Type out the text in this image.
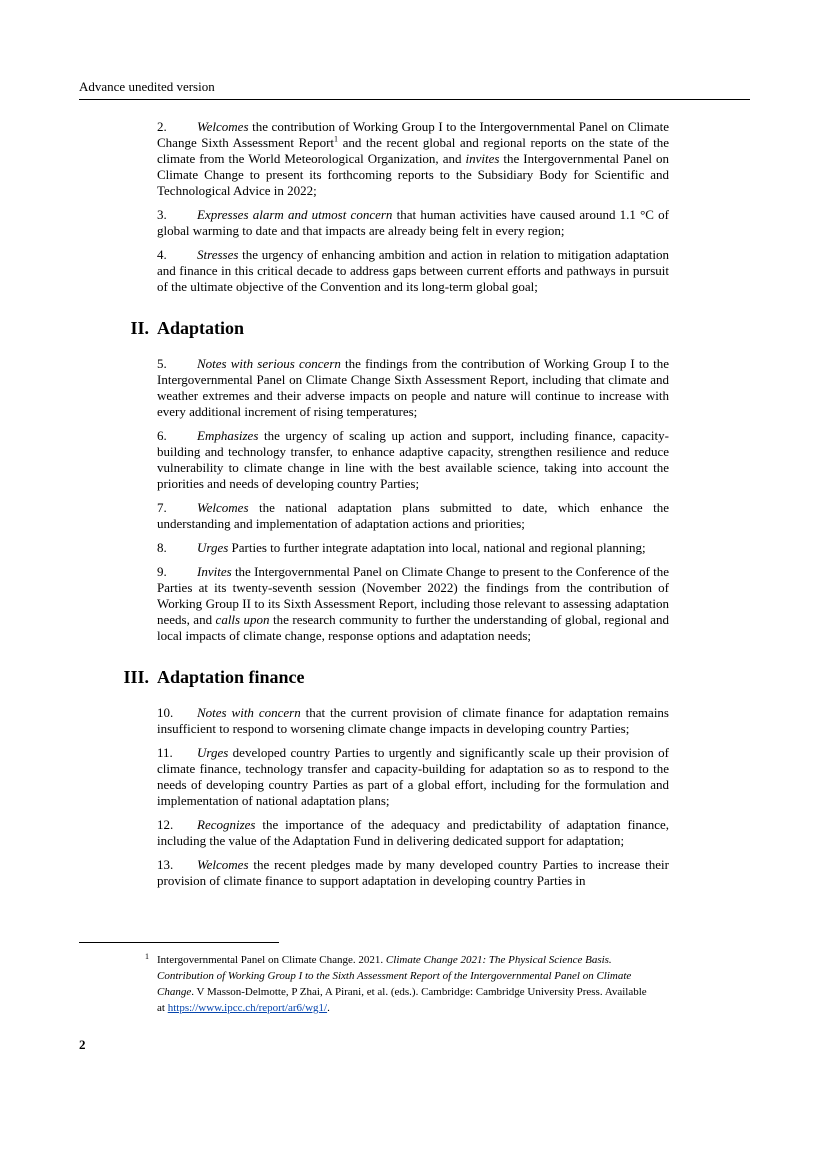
Advance unedited version

2. Welcomes the contribution of Working Group I to the Intergovernmental Panel on Climate Change Sixth Assessment Report$^1$ and the recent global and regional reports on the state of the climate from the World Meteorological Organization, and invites the Intergovernmental Panel on Climate Change to present its forthcoming reports to the Subsidiary Body for Scientific and Technological Advice in 2022;

3. Expresses alarm and utmost concern that human activities have caused around 1.1 °C of global warming to date and that impacts are already being felt in every region;

4. Stresses the urgency of enhancing ambition and action in relation to mitigation adaptation and finance in this critical decade to address gaps between current efforts and pathways in pursuit of the ultimate objective of the Convention and its long-term global goal;

II. Adaptation

5. Notes with serious concern the findings from the contribution of Working Group I to the Intergovernmental Panel on Climate Change Sixth Assessment Report, including that climate and weather extremes and their adverse impacts on people and nature will continue to increase with every additional increment of rising temperatures;

6. Emphasizes the urgency of scaling up action and support, including finance, capacity-building and technology transfer, to enhance adaptive capacity, strengthen resilience and reduce vulnerability to climate change in line with the best available science, taking into account the priorities and needs of developing country Parties;

7. Welcomes the national adaptation plans submitted to date, which enhance the understanding and implementation of adaptation actions and priorities;

8. Urges Parties to further integrate adaptation into local, national and regional planning;

9. Invites the Intergovernmental Panel on Climate Change to present to the Conference of the Parties at its twenty-seventh session (November 2022) the findings from the contribution of Working Group II to its Sixth Assessment Report, including those relevant to assessing adaptation needs, and calls upon the research community to further the understanding of global, regional and local impacts of climate change, response options and adaptation needs;

III. Adaptation finance

10. Notes with concern that the current provision of climate finance for adaptation remains insufficient to respond to worsening climate change impacts in developing country Parties;

11. Urges developed country Parties to urgently and significantly scale up their provision of climate finance, technology transfer and capacity-building for adaptation so as to respond to the needs of developing country Parties as part of a global effort, including for the formulation and implementation of national adaptation plans;

12. Recognizes the importance of the adequacy and predictability of adaptation finance, including the value of the Adaptation Fund in delivering dedicated support for adaptation;

13. Welcomes the recent pledges made by many developed country Parties to increase their provision of climate finance to support adaptation in developing country Parties in

1 Intergovernmental Panel on Climate Change. 2021. Climate Change 2021: The Physical Science Basis. Contribution of Working Group I to the Sixth Assessment Report of the Intergovernmental Panel on Climate Change. V Masson-Delmotte, P Zhai, A Pirani, et al. (eds.). Cambridge: Cambridge University Press. Available at https://www.ipcc.ch/report/ar6/wg1/.
2
